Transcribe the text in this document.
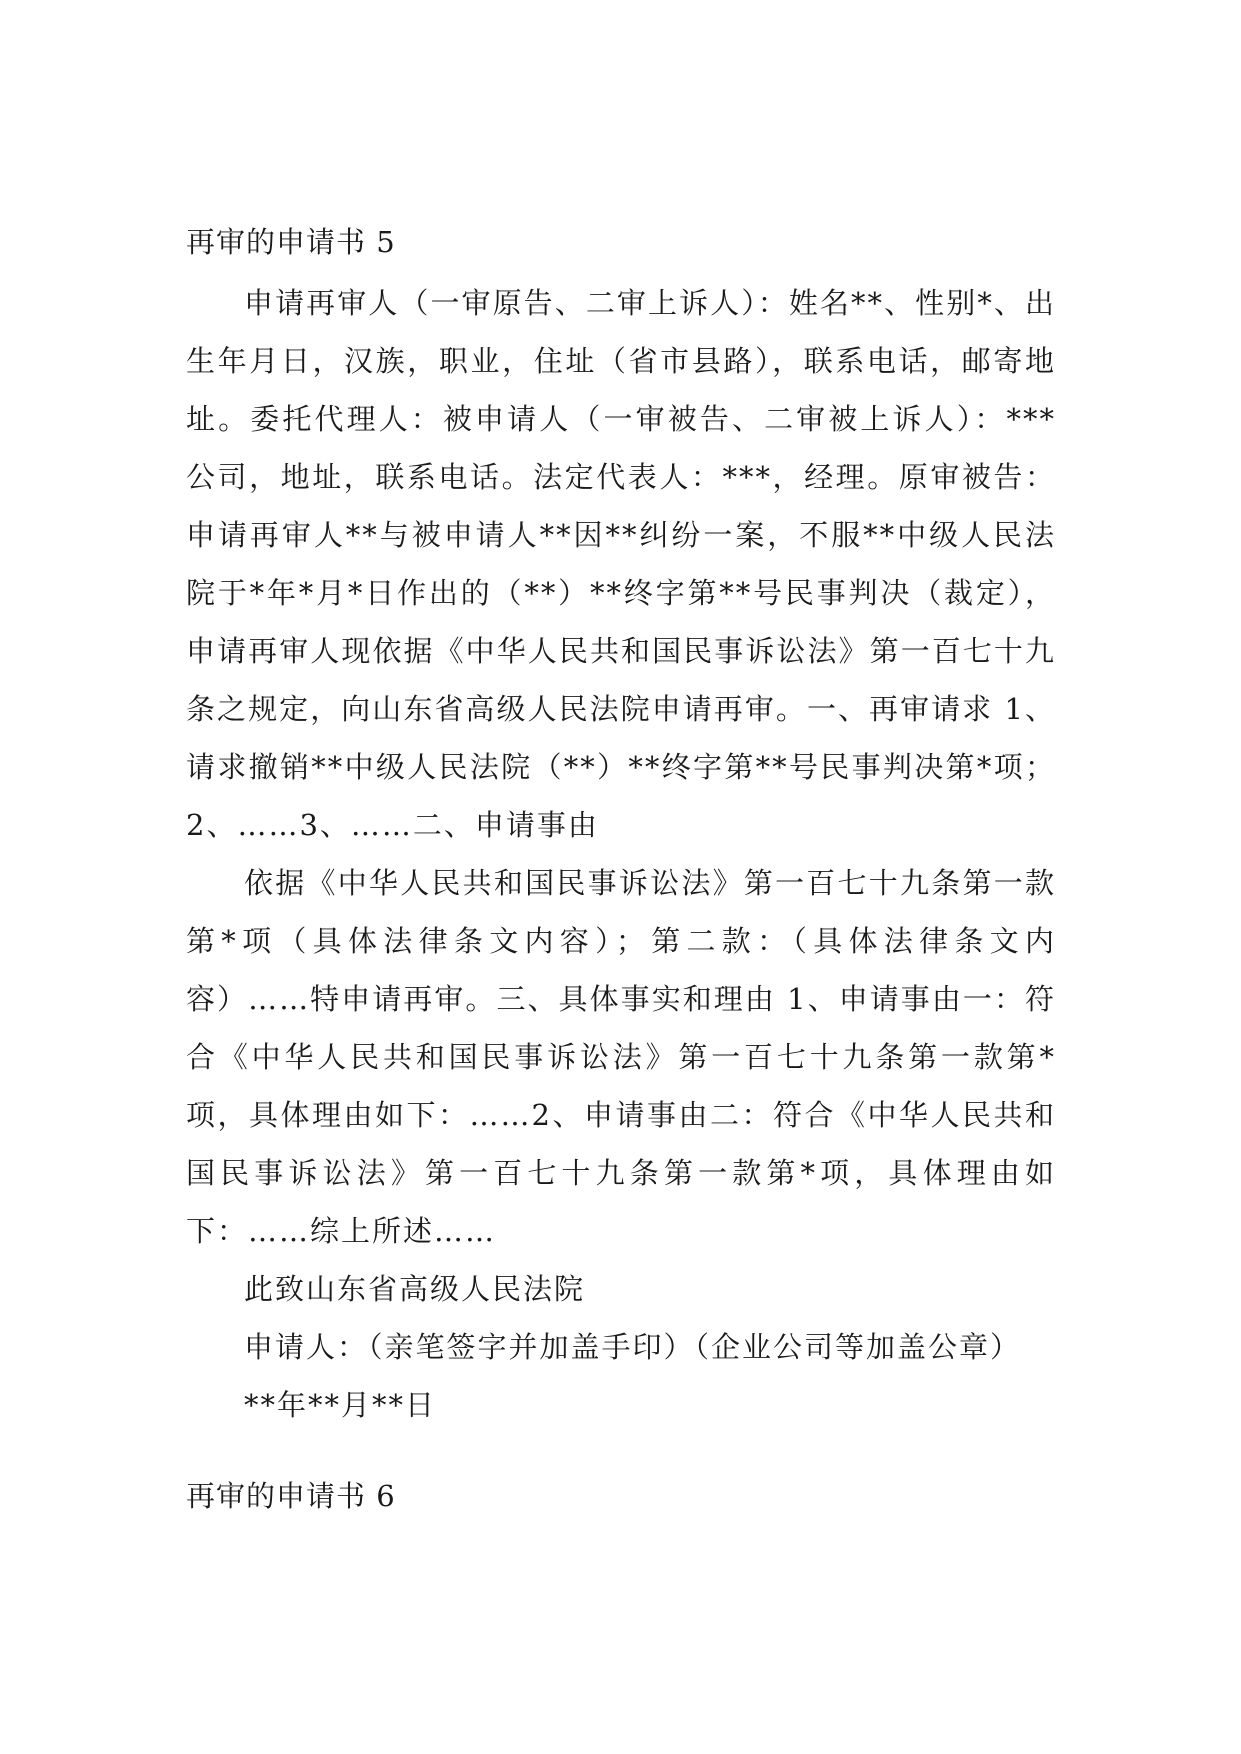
再审的申请书 5

申请再审人（一审原告、二审上诉人）：姓名**、性别*、出生年月日，汉族，职业，住址（省市县路），联系电话，邮寄地址。委托代理人：被申请人（一审被告、二审被上诉人）：***公司，地址，联系电话。法定代表人：***，经理。原审被告：申请再审人**与被申请人**因**纠纷一案，不服**中级人民法院于*年*月*日作出的（**）**终字第**号民事判决（裁定），申请再审人现依据《中华人民共和国民事诉讼法》第一百七十九条之规定，向山东省高级人民法院申请再审。一、再审请求 1、请求撤销**中级人民法院（**）**终字第**号民事判决第*项；2、……3、……二、申请事由

依据《中华人民共和国民事诉讼法》第一百七十九条第一款第*项（具体法律条文内容）；第二款：（具体法律条文内容）……特申请再审。三、具体事实和理由 1、申请事由一：符合《中华人民共和国民事诉讼法》第一百七十九条第一款第*项，具体理由如下：……2、申请事由二：符合《中华人民共和国民事诉讼法》第一百七十九条第一款第*项，具体理由如下：……综上所述……

此致山东省高级人民法院

申请人：（亲笔签字并加盖手印）（企业公司等加盖公章）

**年**月**日

再审的申请书 6
